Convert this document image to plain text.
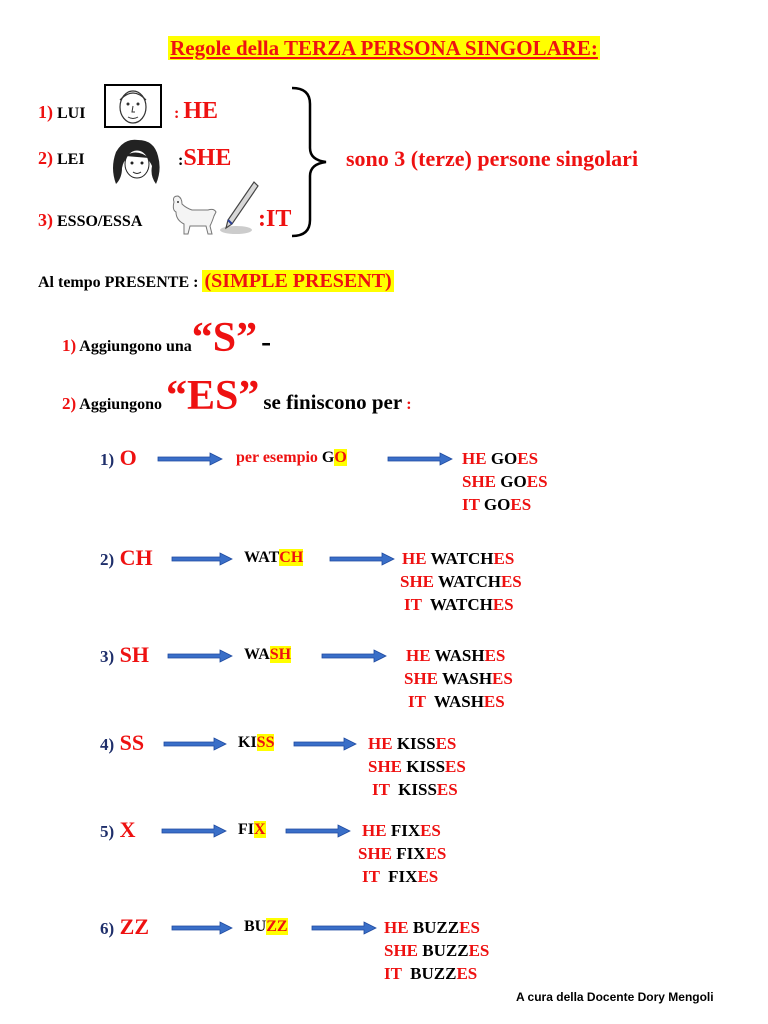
Regole della TERZA PERSONA SINGOLARE:
1) LUI	: HE
2) LEI	:SHE
3) ESSO/ESSA	:IT
sono 3 (terze) persone singolari
Al tempo PRESENTE : (SIMPLE PRESENT)
1) Aggiungono una“S” -
2) Aggiungono “ES” se finiscono per :
1) O	per esempio GO	HE GOES
SHE GOES
IT GOES
2) CH	WATCH	HE WATCHES
SHE WATCHES
IT  WATCHES
3) SH	WASH	HE WASHES
SHE WASHES
IT  WASHES
4) SS	KISS	HE KISSES
SHE KISSES
IT  KISSES
5) X	FIX	HE FIXES
SHE FIXES
IT  FIXES
6) ZZ	BUZZ	HE BUZZES
SHE BUZZES
IT  BUZZES
A cura della Docente Dory Mengoli
